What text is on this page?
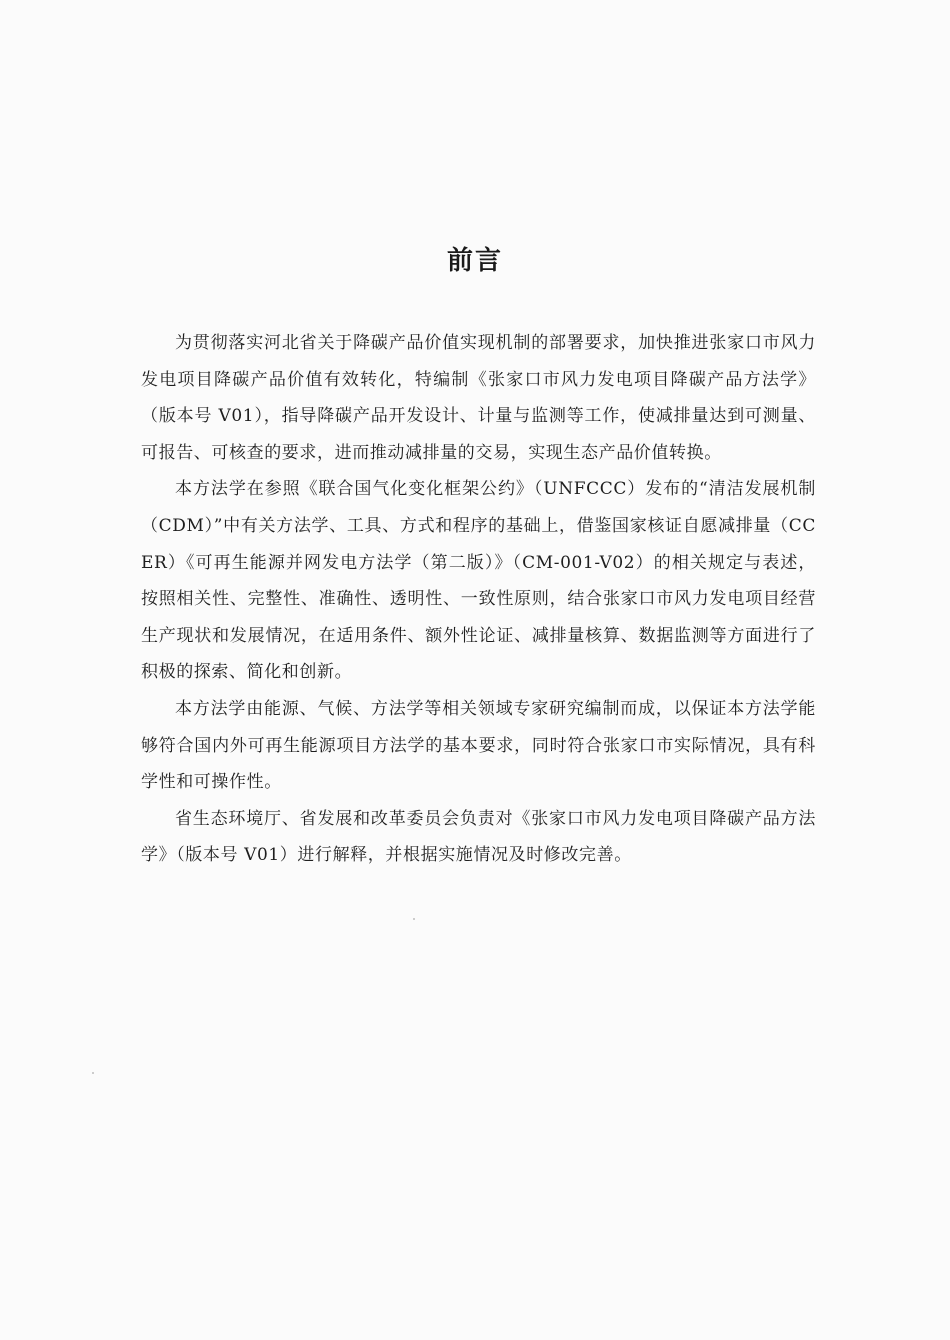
前言

为贯彻落实河北省关于降碳产品价值实现机制的部署要求，加快推进张家口市风力发电项目降碳产品价值有效转化，特编制《张家口市风力发电项目降碳产品方法学》（版本号 V01），指导降碳产品开发设计、计量与监测等工作，使减排量达到可测量、可报告、可核查的要求，进而推动减排量的交易，实现生态产品价值转换。

本方法学在参照《联合国气化变化框架公约》（UNFCCC）发布的“清洁发展机制（CDM）”中有关方法学、工具、方式和程序的基础上，借鉴国家核证自愿减排量（CCER）《可再生能源并网发电方法学（第二版）》（CM-001-V02）的相关规定与表述，按照相关性、完整性、准确性、透明性、一致性原则，结合张家口市风力发电项目经营生产现状和发展情况，在适用条件、额外性论证、减排量核算、数据监测等方面进行了积极的探索、简化和创新。

本方法学由能源、气候、方法学等相关领域专家研究编制而成，以保证本方法学能够符合国内外可再生能源项目方法学的基本要求，同时符合张家口市实际情况，具有科学性和可操作性。

省生态环境厅、省发展和改革委员会负责对《张家口市风力发电项目降碳产品方法学》（版本号 V01）进行解释，并根据实施情况及时修改完善。
